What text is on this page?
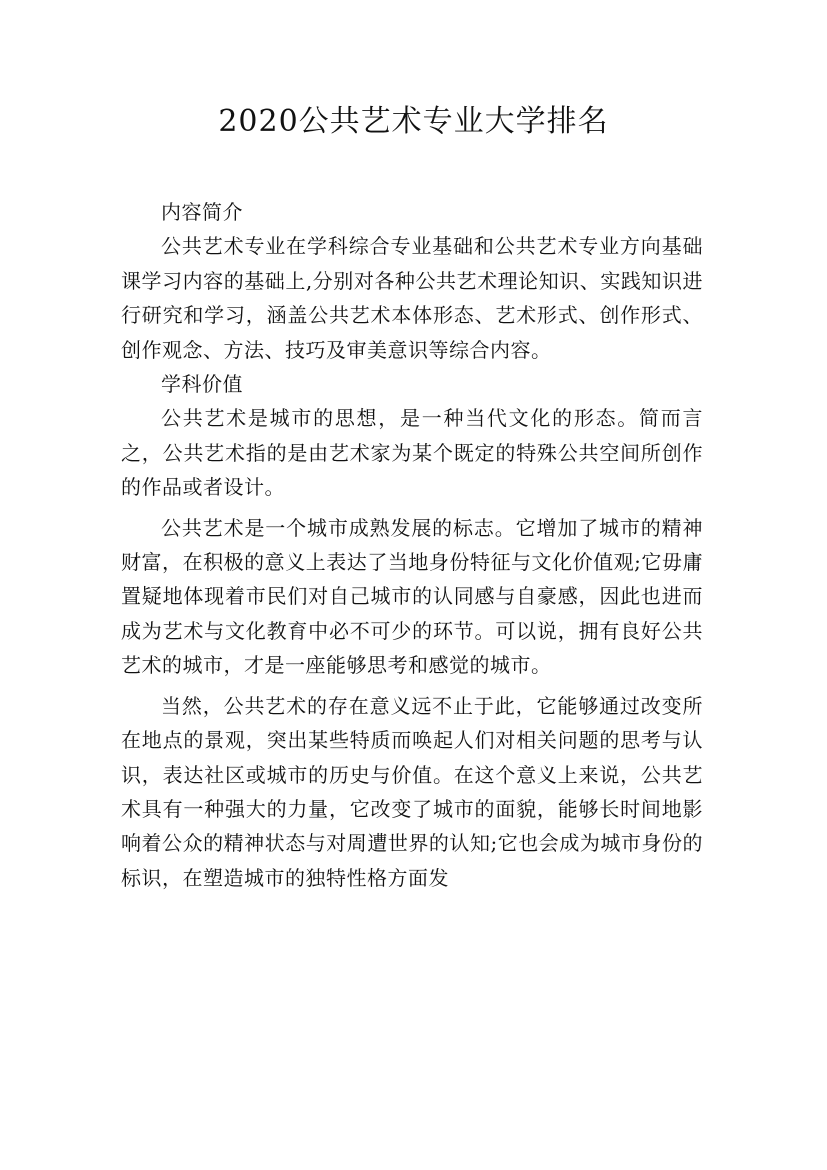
2020公共艺术专业大学排名

内容简介

公共艺术专业在学科综合专业基础和公共艺术专业方向基础课学习内容的基础上,分别对各种公共艺术理论知识、实践知识进行研究和学习，涵盖公共艺术本体形态、艺术形式、创作形式、创作观念、方法、技巧及审美意识等综合内容。

学科价值

公共艺术是城市的思想，是一种当代文化的形态。简而言之，公共艺术指的是由艺术家为某个既定的特殊公共空间所创作的作品或者设计。

公共艺术是一个城市成熟发展的标志。它增加了城市的精神财富，在积极的意义上表达了当地身份特征与文化价值观;它毋庸置疑地体现着市民们对自己城市的认同感与自豪感，因此也进而成为艺术与文化教育中必不可少的环节。可以说，拥有良好公共艺术的城市，才是一座能够思考和感觉的城市。

当然，公共艺术的存在意义远不止于此，它能够通过改变所在地点的景观，突出某些特质而唤起人们对相关问题的思考与认识，表达社区或城市的历史与价值。在这个意义上来说，公共艺术具有一种强大的力量，它改变了城市的面貌，能够长时间地影响着公众的精神状态与对周遭世界的认知;它也会成为城市身份的标识，在塑造城市的独特性格方面发
